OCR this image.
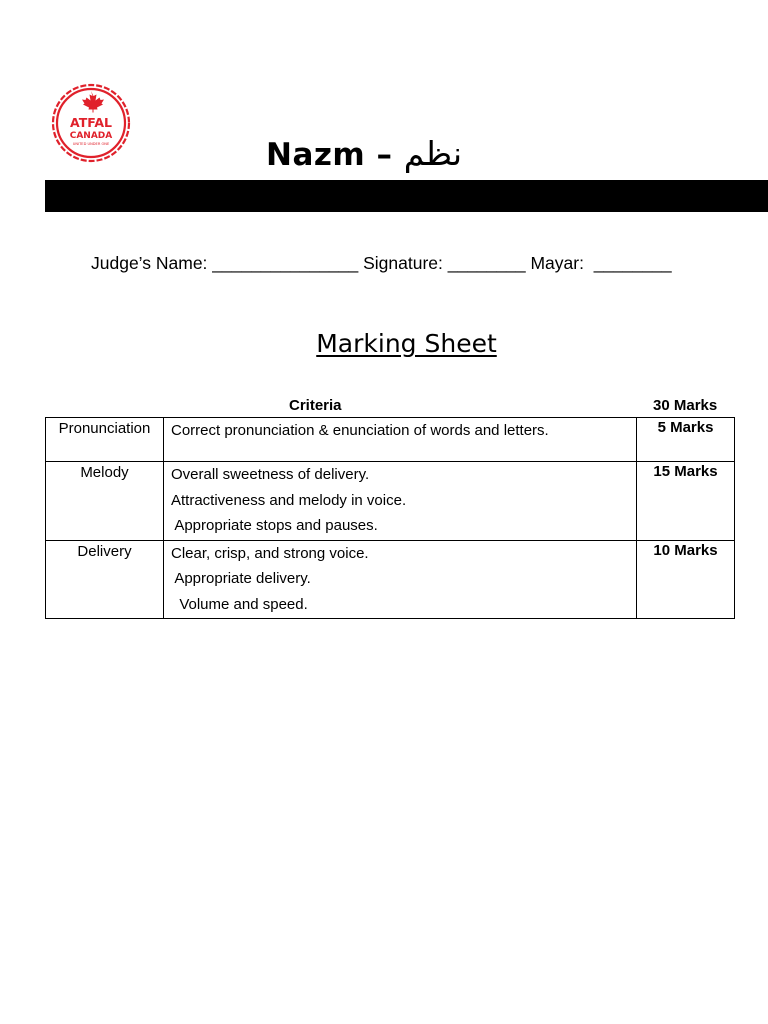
ATFAL
CANADA
UNITED UNDER ONE	Nazm – نظم
Judge’s Name: _______________ Signature: ________ Mayar:  ________
Marking Sheet
Criteria	30 Marks
Pronunciation	Correct pronunciation & enunciation of words and letters.	5 Marks
Melody	Overall sweetness of delivery.
Attractiveness and melody in voice.
Appropriate stops and pauses.	15 Marks
Delivery	Clear, crisp, and strong voice.
Appropriate delivery.
Volume and speed.	10 Marks
